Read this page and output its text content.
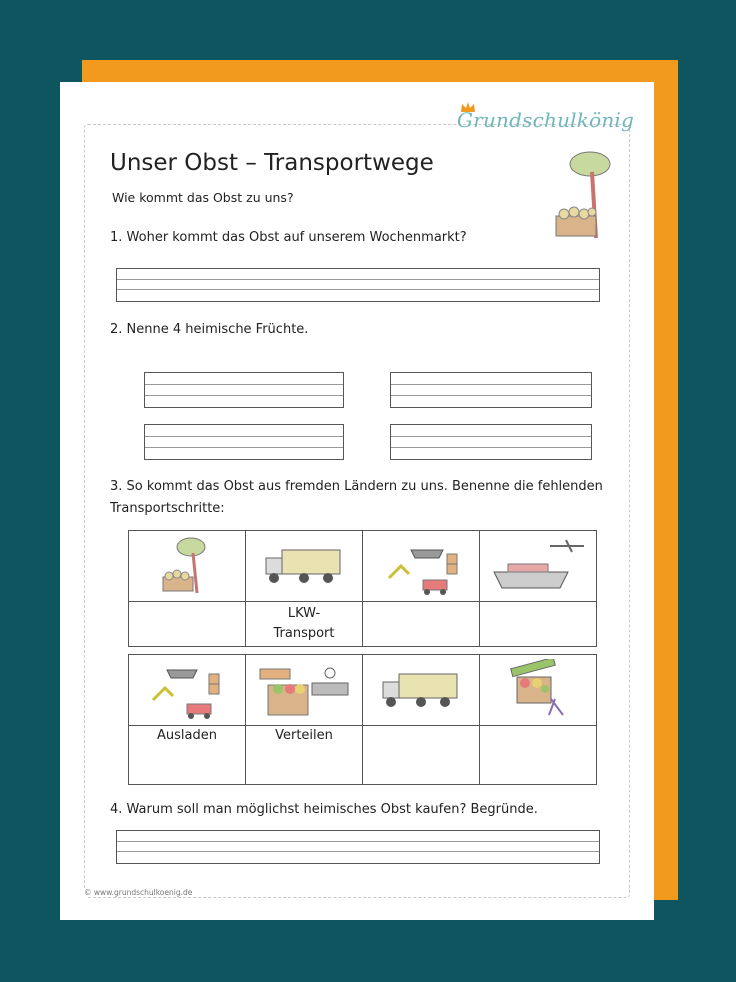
Grundschulkönig
Unser Obst – Transportwege
Wie kommt das Obst zu uns?
1. Woher kommt das Obst auf unserem Wochenmarkt?
2. Nenne 4 heimische Früchte.
3. So kommt das Obst aus fremden Ländern zu uns. Benenne die fehlenden Transportschritte:

	LKW-
Transport		

Ausladen	Verteilen		
4. Warum soll man möglichst heimisches Obst kaufen? Begründe.
© www.grundschulkoenig.de
